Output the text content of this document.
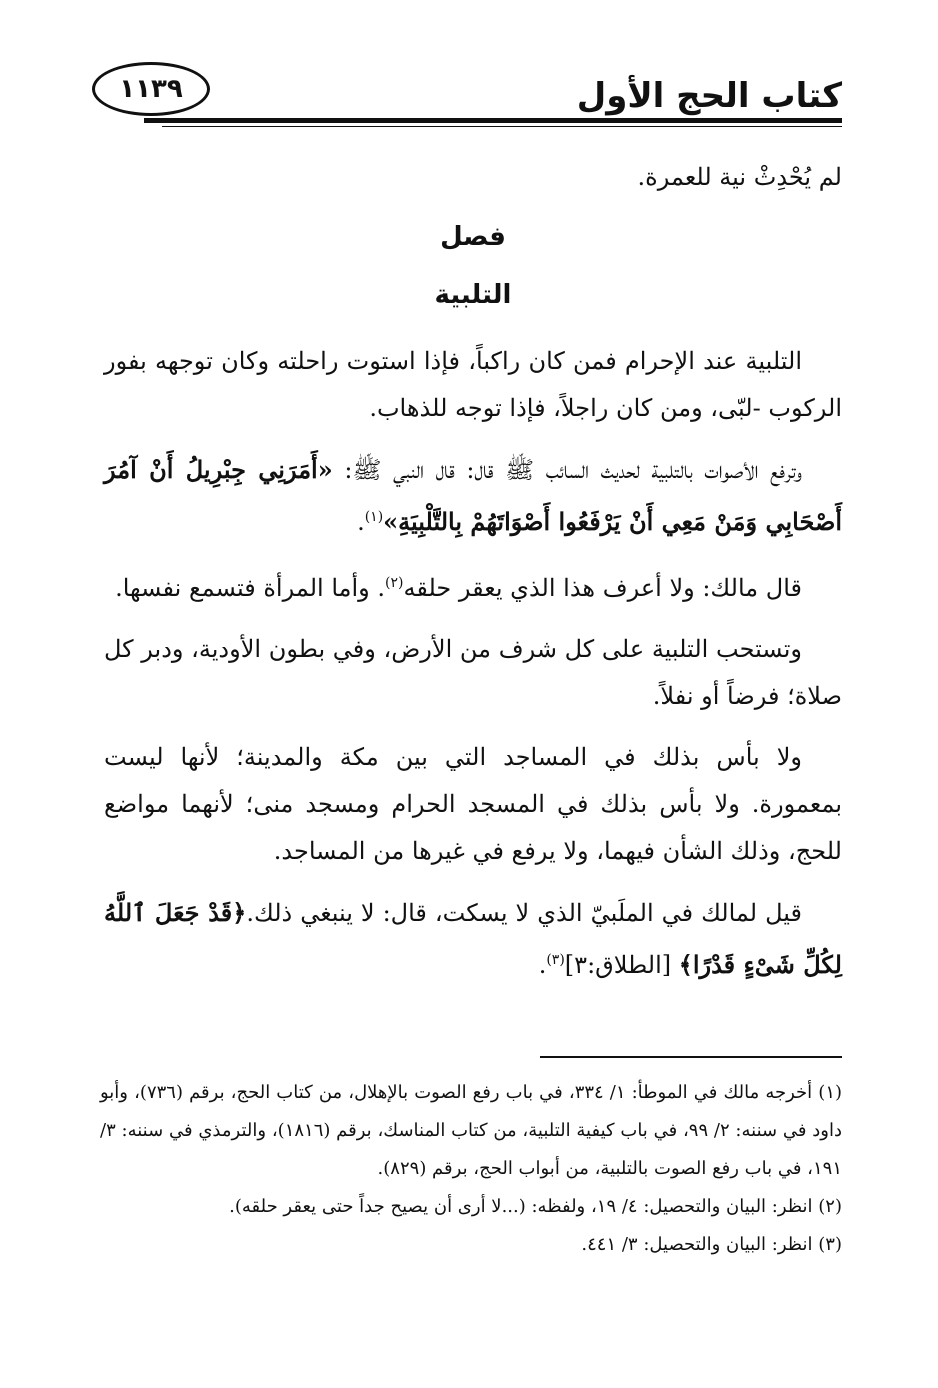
١١٣٩	كتاب الحج الأول

لم يُحْدِثْ نية للعمرة.

فصل
التلبية

التلبية عند الإحرام فمن كان راكباً، فإذا استوت راحلته وكان توجهه بفور الركوب -لبّى، ومن كان راجلاً، فإذا توجه للذهاب.

وترفع الأصوات بالتلبية لحديث السائب ﷺ قال: قال النبي ﷺ: «أَمَرَنِي جِبْرِيلُ أَنْ آمُرَ أَصْحَابِي وَمَنْ مَعِي أَنْ يَرْفَعُوا أَصْوَاتَهُمْ بِالتَّلْبِيَةِ»$^{(١)}$.

قال مالك: ولا أعرف هذا الذي يعقر حلقه$^{(٢)}$. وأما المرأة فتسمع نفسها.

وتستحب التلبية على كل شرف من الأرض، وفي بطون الأودية، ودبر كل صلاة؛ فرضاً أو نفلاً.

ولا بأس بذلك في المساجد التي بين مكة والمدينة؛ لأنها ليست بمعمورة. ولا بأس بذلك في المسجد الحرام ومسجد منى؛ لأنهما مواضع للحج، وذلك الشأن فيهما، ولا يرفع في غيرها من المساجد.

قيل لمالك في الملَبيّ الذي لا يسكت، قال: لا ينبغي ذلك.﴿قَدْ جَعَلَ ٱللَّهُ لِكُلِّ شَىْءٍ قَدْرًا﴾ [الطلاق:٣]$^{(٣)}$.

(١) أخرجه مالك في الموطأ: ١/ ٣٣٤، في باب رفع الصوت بالإهلال، من كتاب الحج، برقم (٧٣٦)، وأبو داود في سننه: ٢/ ٩٩، في باب كيفية التلبية، من كتاب المناسك، برقم (١٨١٦)، والترمذي في سننه: ٣/ ١٩١، في باب رفع الصوت بالتلبية، من أبواب الحج، برقم (٨٢٩).

(٢) انظر: البيان والتحصيل: ٤/ ١٩، ولفظه: (...لا أرى أن يصيح جداً حتى يعقر حلقه).

(٣) انظر: البيان والتحصيل: ٣/ ٤٤١.
